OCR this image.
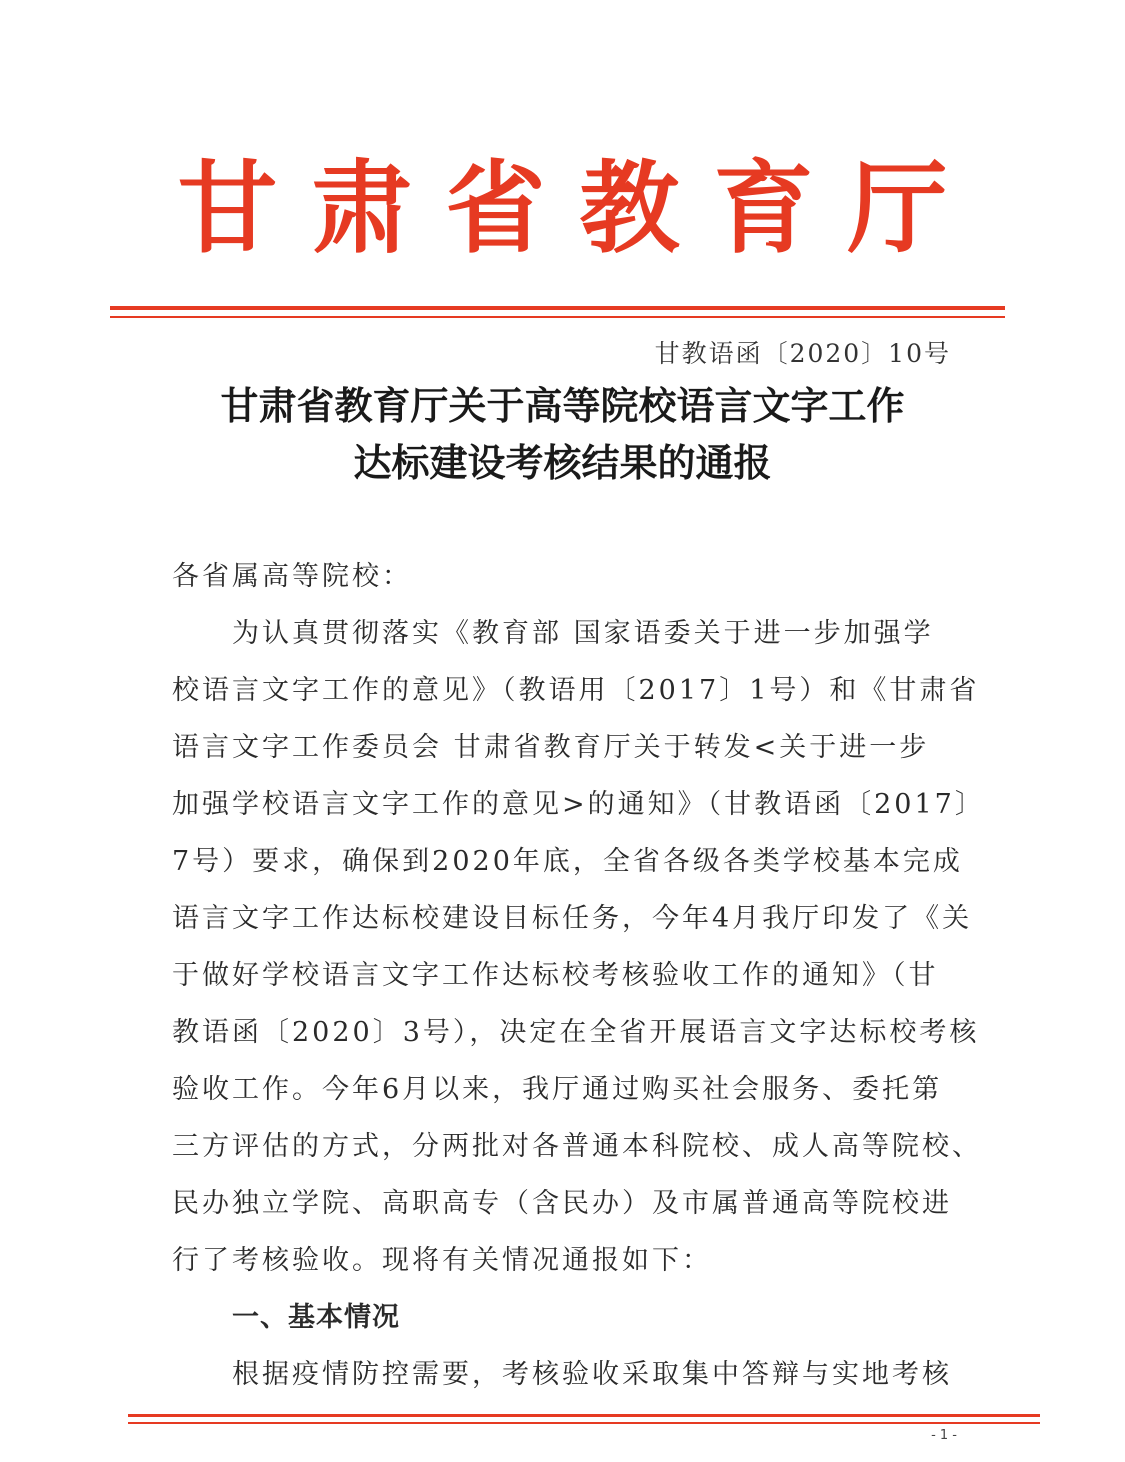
甘肃省教育厅
甘教语函〔2020〕10号
甘肃省教育厅关于高等院校语言文字工作
达标建设考核结果的通报
各省属高等院校：
为认真贯彻落实《教育部 国家语委关于进一步加强学
校语言文字工作的意见》（教语用〔2017〕1号）和《甘肃省
语言文字工作委员会 甘肃省教育厅关于转发<关于进一步
加强学校语言文字工作的意见>的通知》（甘教语函〔2017〕
7号）要求，确保到2020年底，全省各级各类学校基本完成
语言文字工作达标校建设目标任务，今年4月我厅印发了《关
于做好学校语言文字工作达标校考核验收工作的通知》（甘
教语函〔2020〕3号），决定在全省开展语言文字达标校考核
验收工作。今年6月以来，我厅通过购买社会服务、委托第
三方评估的方式，分两批对各普通本科院校、成人高等院校、
民办独立学院、高职高专（含民办）及市属普通高等院校进
行了考核验收。现将有关情况通报如下：
一、基本情况
根据疫情防控需要，考核验收采取集中答辩与实地考核
- 1 -
